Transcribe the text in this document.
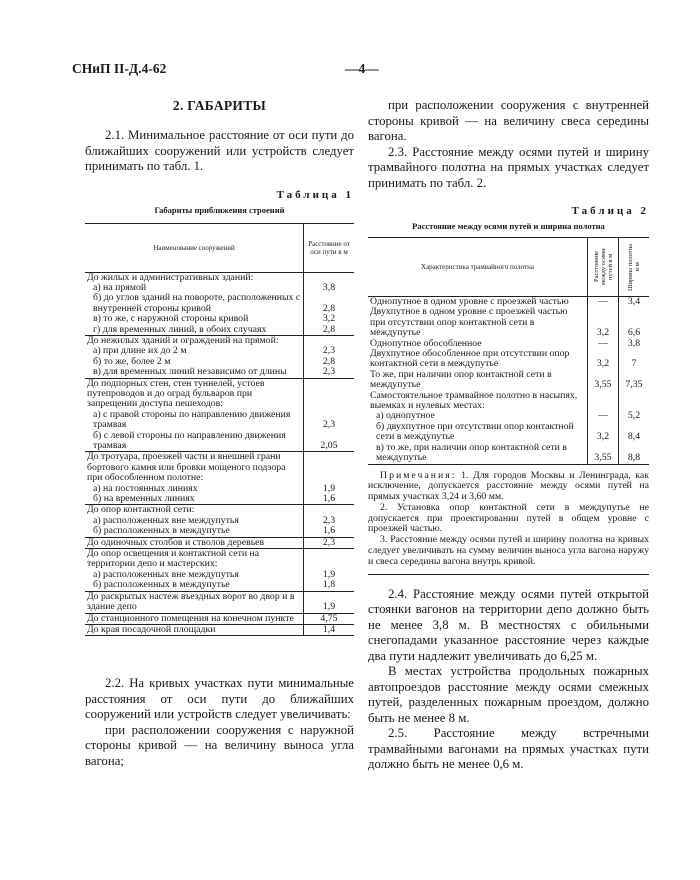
СНиП II-Д.4-62	—4—
2. ГАБАРИТЫ

2.1. Минимальное расстояние от оси пути до ближайших сооружений или устройств следует принимать по табл. 1.

Таблица 1
Габариты приближения строений
Наименование сооружений	Расстояние от оси пути в м
До жилых и административных зданий:	
а) на прямой	3,8
б) до углов зданий на повороте, расположенных с внутренней стороны кривой	2,8
в) то же, с наружной стороны кривой	3,2
г) для временных линий, в обоих случаях	2,8
До нежилых зданий и ограждений на прямой:	
а) при длине их до 2 м	2,3
б) то же, более 2 м	2,8
в) для временных линий независимо от длины	2,3
До подпорных стен, стен туннелей, устоев путепроводов и до оград бульваров при запрещении доступа пешеходов:	
а) с правой стороны по направлению движения трамвая	2,3
б) с левой стороны по направлению движения трамвая	2,05
До тротуара, проезжей части и внешней грани бортового камня или бровки мощеного подзора при обособленном полотне:	
а) на постоянных линиях	1,9
б) на временных линиях	1,6
До опор контактной сети:	
а) расположенных вне междупутья	2,3
б) расположенных в междупутье	1,6
До одиночных столбов и стволов деревьев	2,3
До опор освещения и контактной сети на территории депо и мастерских:	
а) расположенных вне междупутья	1,9
б) расположенных в междупутье	1,8
До раскрытых настеж въездных ворот во двор и в здание депо	1,9
До станционного помещения на конечном пункте	4,75
До края посадочной площадки	1,4

2.2. На кривых участках пути минимальные расстояния от оси пути до ближайших сооружений или устройств следует увеличивать:

при расположении сооружения с наружной стороны кривой — на величину выноса угла вагона;

при расположении сооружения с внутренней стороны кривой — на величину свеса середины вагона.

2.3. Расстояние между осями путей и ширину трамвайного полотна на прямых участках следует принимать по табл. 2.

Таблица 2
Расстояние между осями путей и ширина полотна
Характеристика трамвайного полотна	Расстояние между осями путей в м	Ширина полотна в м

Однопутное в одном уровне с проезжей частью	—	3,4
Двухпутное в одном уровне с проезжей частью при отсутствии опор контактной сети в междупутье	3,2	6,6
Однопутное обособленное	—	3,8
Двухпутное обособленное при отсутствии опор контактной сети в междупутье	3,2	7
То же, при наличии опор контактной сети в междупутье	3,55	7,35
Самостоятельное трамвайное полотно в насыпях, выемках и нулевых местах:		
а) однопутное	—	5,2
б) двухпутное при отсутствии опор контактной сети в междупутье	3,2	8,4
в) то же, при наличии опор контактной сети в междупутье	3,55	8,8

Примечания: 1. Для городов Москвы и Ленинграда, как исключение, допускается расстояние между осями путей на прямых участках 3,24 и 3,60 мм.

2. Установка опор контактной сети в междупутье не допускается при проектировании путей в общем уровне с проезжей частью.

3. Расстояние между осями путей и ширину полотна на кривых следует увеличивать на сумму величин выноса угла вагона наружу и свеса середины вагона внутрь кривой.

2.4. Расстояние между осями путей открытой стоянки вагонов на территории депо должно быть не менее 3,8 м. В местностях с обильными снегопадами указанное расстояние через каждые два пути надлежит увеличивать до 6,25 м.

В местах устройства продольных пожарных автопроездов расстояние между осями смежных путей, разделенных пожарным проездом, должно быть не менее 8 м.

2.5. Расстояние между встречными трамвайными вагонами на прямых участках пути должно быть не менее 0,6 м.
